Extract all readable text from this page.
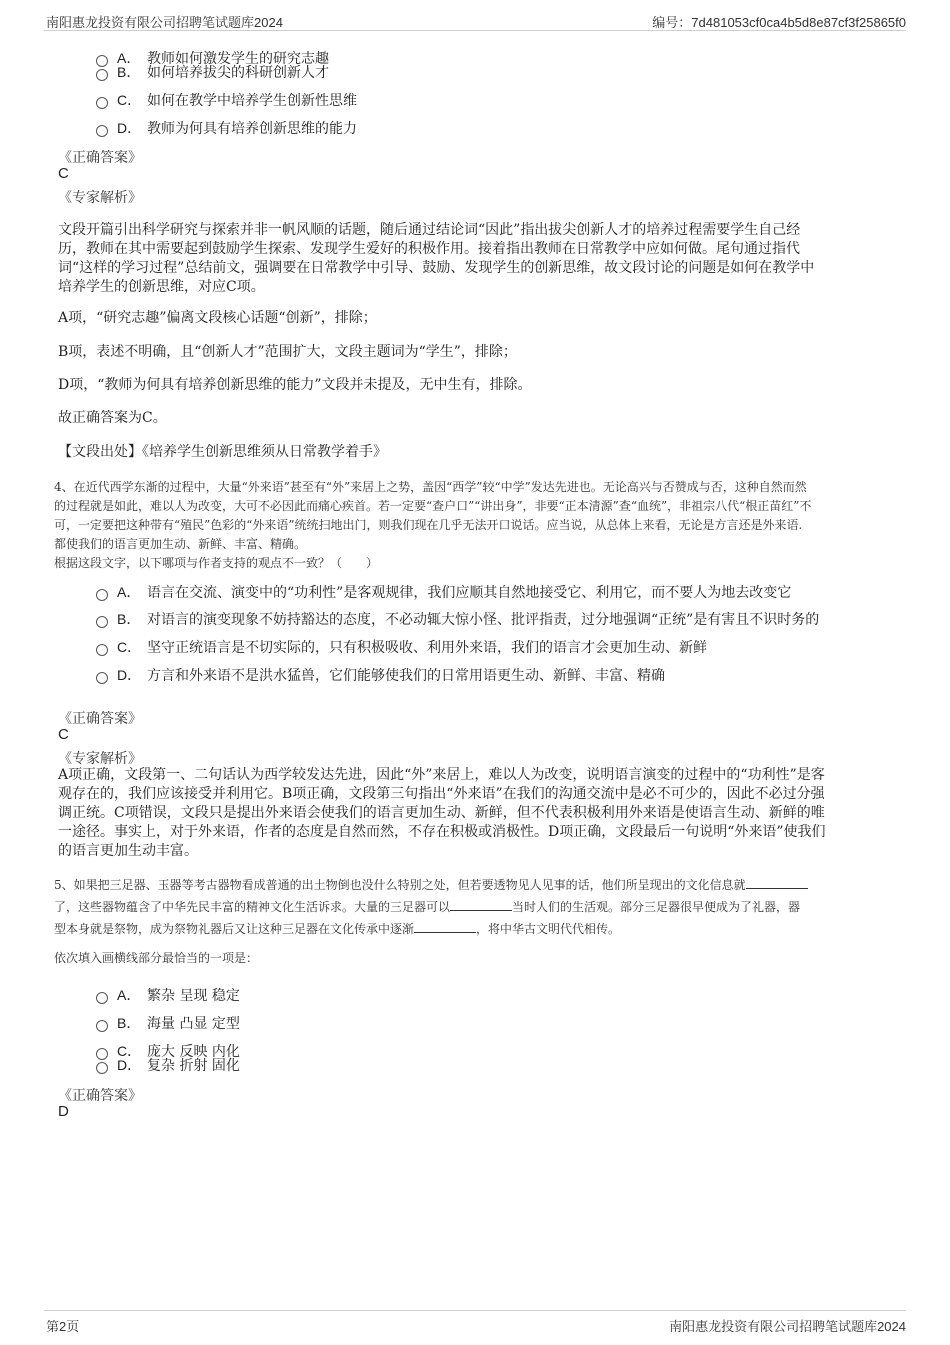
南阳惠龙投资有限公司招聘笔试题库2024	编号：7d481053cf0ca4b5d8e87cf3f25865f0
A． 教师如何激发学生的研究志趣
B． 如何培养拔尖的科研创新人才
C． 如何在教学中培养学生创新性思维
D． 教师为何具有培养创新思维的能力
《正确答案》
C
《专家解析》
文段开篇引出科学研究与探索并非一帆风顺的话题，随后通过结论词“因此”指出拔尖创新人才的培养过程需要学生自己经
历，教师在其中需要起到鼓励学生探索、发现学生爱好的积极作用。接着指出教师在日常教学中应如何做。尾句通过指代
词“这样的学习过程”总结前文，强调要在日常教学中引导、鼓励、发现学生的创新思维，故文段讨论的问题是如何在教学中
培养学生的创新思维，对应C项。
A项，“研究志趣”偏离文段核心话题“创新”，排除；
B项，表述不明确，且“创新人才”范围扩大，文段主题词为“学生”，排除；
D项，“教师为何具有培养创新思维的能力”文段并未提及，无中生有，排除。
故正确答案为C。
【文段出处】《培养学生创新思维须从日常教学着手》
4、在近代西学东渐的过程中，大量“外来语”甚至有“外”来居上之势，盖因“西学”较“中学”发达先进也。无论高兴与否赞成与否，这种自然而然
的过程就是如此，难以人为改变，大可不必因此而痛心疾首。若一定要“查户口”“讲出身”，非要“正本清源”查“血统”，非祖宗八代“根正苗红”不
可，一定要把这种带有“殖民”色彩的“外来语”统统扫地出门，则我们现在几乎无法开口说话。应当说，从总体上来看，无论是方言还是外来语.
都使我们的语言更加生动、新鲜、丰富、精确。
根据这段文字，以下哪项与作者支持的观点不一致？（　　）
A． 语言在交流、演变中的“功利性”是客观规律，我们应顺其自然地接受它、利用它，而不要人为地去改变它
B． 对语言的演变现象不妨持豁达的态度，不必动辄大惊小怪、批评指责，过分地强调“正统”是有害且不识时务的
C． 坚守正统语言是不切实际的，只有积极吸收、利用外来语，我们的语言才会更加生动、新鲜
D． 方言和外来语不是洪水猛兽，它们能够使我们的日常用语更生动、新鲜、丰富、精确
《正确答案》
C
《专家解析》
A项正确，文段第一、二句话认为西学较发达先进，因此“外”来居上，难以人为改变，说明语言演变的过程中的“功利性”是客
观存在的，我们应该接受并利用它。B项正确，文段第三句指出“外来语”在我们的沟通交流中是必不可少的，因此不必过分强
调正统。C项错误，文段只是提出外来语会使我们的语言更加生动、新鲜，但不代表积极利用外来语是使语言生动、新鲜的唯
一途径。事实上，对于外来语，作者的态度是自然而然，不存在积极或消极性。D项正确，文段最后一句说明“外来语”使我们
的语言更加生动丰富。
5、如果把三足器、玉器等考古器物看成普通的出土物倒也没什么特别之处，但若要透物见人见事的话，他们所呈现出的文化信息就
了，这些器物蕴含了中华先民丰富的精神文化生活诉求。大量的三足器可以	当时人们的生活观。部分三足器很早便成为了礼器，器
型本身就是祭物，成为祭物礼器后又让这种三足器在文化传承中逐渐	，将中华古文明代代相传。
依次填入画横线部分最恰当的一项是：
A． 繁杂 呈现 稳定
B． 海量 凸显 定型
C． 庞大 反映 内化
D． 复杂 折射 固化
《正确答案》
D
第2页	南阳惠龙投资有限公司招聘笔试题库2024
